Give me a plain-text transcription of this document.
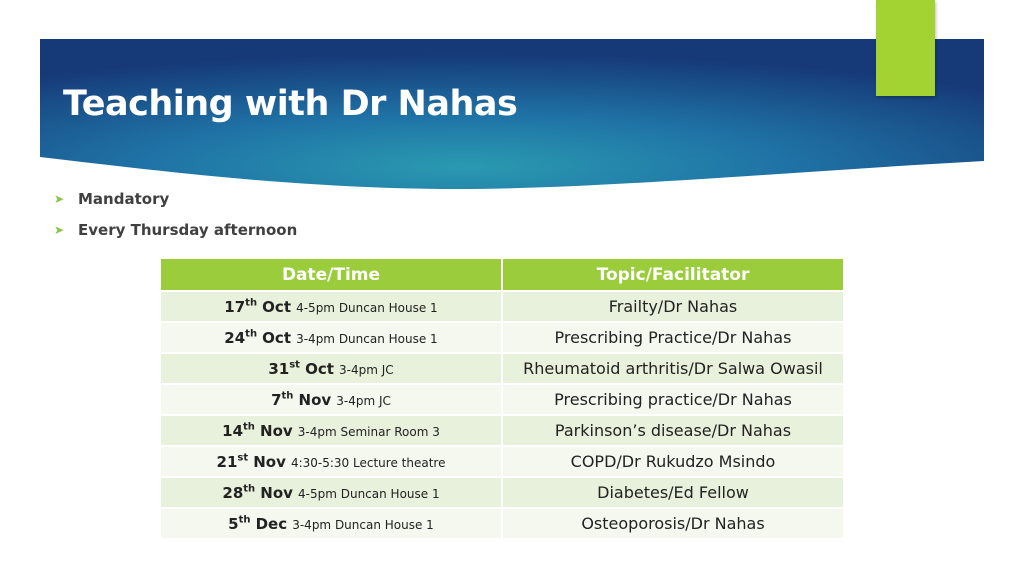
Teaching with Dr Nahas
➤ Mandatory
➤ Every Thursday afternoon
Date/Time	Topic/Facilitator
17th Oct 4-5pm Duncan House 1	Frailty/Dr Nahas
24th Oct 3-4pm Duncan House 1	Prescribing Practice/Dr Nahas
31st Oct 3-4pm JC	Rheumatoid arthritis/Dr Salwa Owasil
7th Nov 3-4pm JC	Prescribing practice/Dr Nahas
14th Nov 3-4pm Seminar Room 3	Parkinson’s disease/Dr Nahas
21st Nov 4:30-5:30 Lecture theatre	COPD/Dr Rukudzo Msindo
28th Nov 4-5pm Duncan House 1	Diabetes/Ed Fellow
5th Dec 3-4pm Duncan House 1	Osteoporosis/Dr Nahas
